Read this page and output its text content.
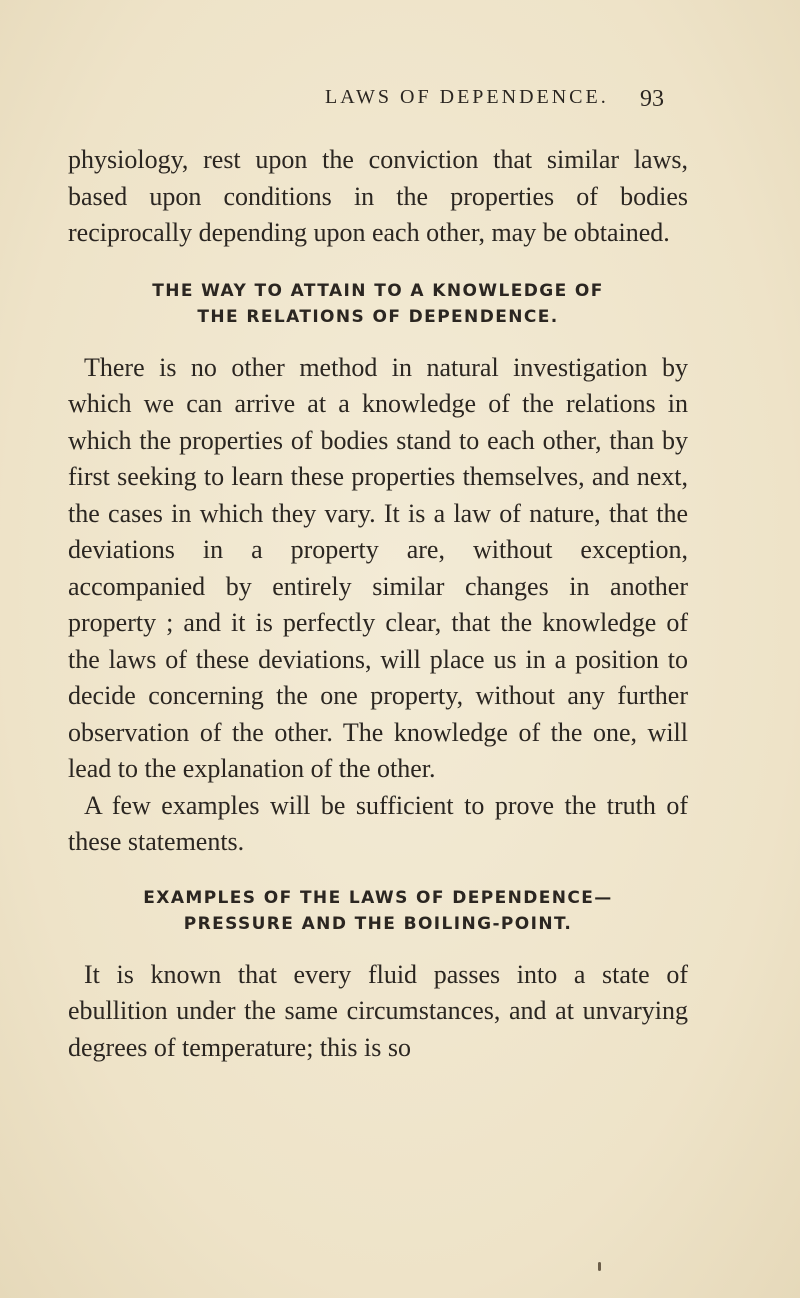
LAWS OF DEPENDENCE. 93

physiology, rest upon the conviction that similar laws, based upon conditions in the properties of bodies reciprocally depending upon each other, may be obtained.

THE WAY TO ATTAIN TO A KNOWLEDGE OF
THE RELATIONS OF DEPENDENCE.

There is no other method in natural investigation by which we can arrive at a knowledge of the relations in which the properties of bodies stand to each other, than by first seeking to learn these properties themselves, and next, the cases in which they vary. It is a law of nature, that the deviations in a property are, without exception, accompanied by entirely similar changes in another property ; and it is perfectly clear, that the knowledge of the laws of these deviations, will place us in a position to decide concerning the one property, without any further observation of the other. The knowledge of the one, will lead to the explanation of the other.

A few examples will be sufficient to prove the truth of these statements.

EXAMPLES OF THE LAWS OF DEPENDENCE—
PRESSURE AND THE BOILING-POINT.

It is known that every fluid passes into a state of ebullition under the same circumstances, and at unvarying degrees of temperature; this is so
